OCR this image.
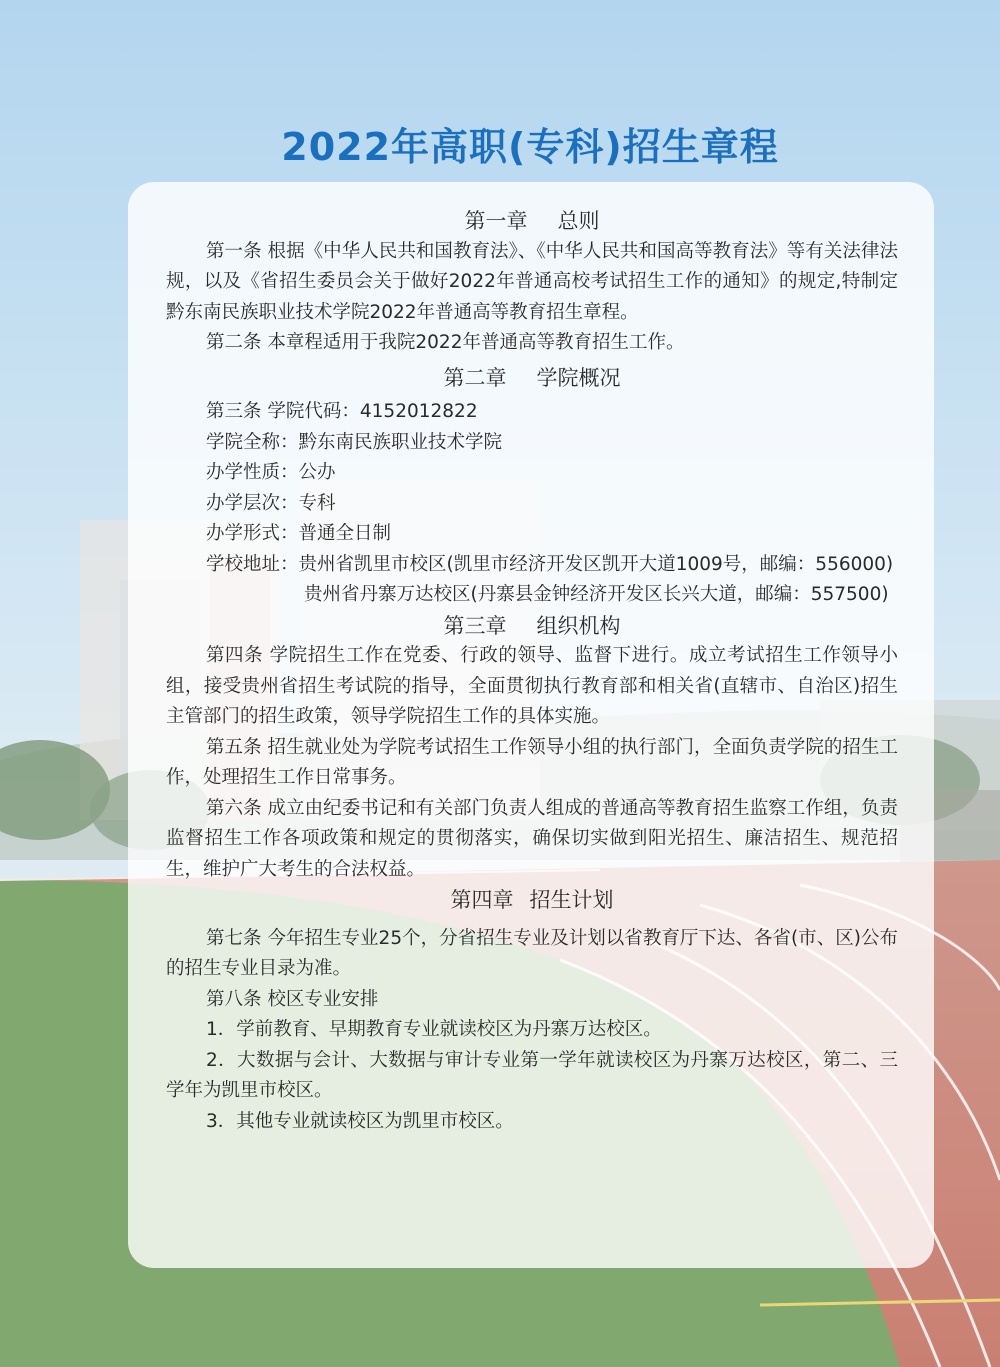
2022年高职(专科)招生章程

第一章 总则

第一条 根据《中华人民共和国教育法》、《中华人民共和国高等教育法》等有关法律法规，以及《省招生委员会关于做好2022年普通高校考试招生工作的通知》的规定,特制定黔东南民族职业技术学院2022年普通高等教育招生章程。

第二条 本章程适用于我院2022年普通高等教育招生工作。

第二章 学院概况

第三条 学院代码：4152012822

学院全称：黔东南民族职业技术学院

办学性质：公办

办学层次：专科

办学形式：普通全日制

学校地址：贵州省凯里市校区(凯里市经济开发区凯开大道1009号，邮编：556000)

贵州省丹寨万达校区(丹寨县金钟经济开发区长兴大道，邮编：557500)

第三章 组织机构

第四条 学院招生工作在党委、行政的领导、监督下进行。成立考试招生工作领导小组，接受贵州省招生考试院的指导，全面贯彻执行教育部和相关省(直辖市、自治区)招生主管部门的招生政策，领导学院招生工作的具体实施。

第五条 招生就业处为学院考试招生工作领导小组的执行部门，全面负责学院的招生工作，处理招生工作日常事务。

第六条 成立由纪委书记和有关部门负责人组成的普通高等教育招生监察工作组，负责监督招生工作各项政策和规定的贯彻落实，确保切实做到阳光招生、廉洁招生、规范招生，维护广大考生的合法权益。

第四章 招生计划

第七条 今年招生专业25个，分省招生专业及计划以省教育厅下达、各省(市、区)公布的招生专业目录为准。

第八条 校区专业安排

1．学前教育、早期教育专业就读校区为丹寨万达校区。

2．大数据与会计、大数据与审计专业第一学年就读校区为丹寨万达校区，第二、三学年为凯里市校区。

3．其他专业就读校区为凯里市校区。
